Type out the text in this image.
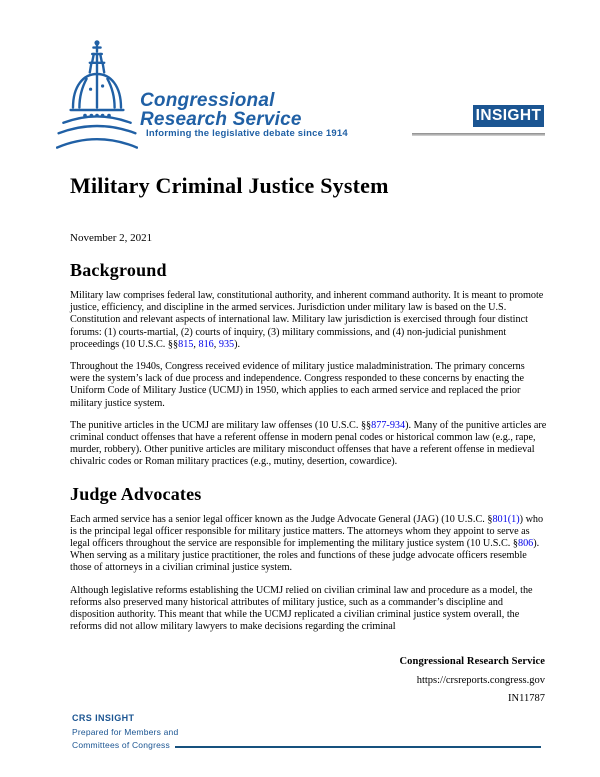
Congressional
Research Service
Informing the legislative debate since 1914
INSIGHT
Military Criminal Justice System
November 2, 2021
Background

Military law comprises federal law, constitutional authority, and inherent command authority. It is meant to promote justice, efficiency, and discipline in the armed services. Jurisdiction under military law is based on the U.S. Constitution and relevant aspects of international law. Military law jurisdiction is exercised through four distinct forums: (1) courts-martial, (2) courts of inquiry, (3) military commissions, and (4) non-judicial punishment proceedings (10 U.S.C. §§815, 816, 935).

Throughout the 1940s, Congress received evidence of military justice maladministration. The primary concerns were the system’s lack of due process and independence. Congress responded to these concerns by enacting the Uniform Code of Military Justice (UCMJ) in 1950, which applies to each armed service and replaced the prior military justice system.

The punitive articles in the UCMJ are military law offenses (10 U.S.C. §§877-934). Many of the punitive articles are criminal conduct offenses that have a referent offense in modern penal codes or historical common law (e.g., rape, murder, robbery). Other punitive articles are military misconduct offenses that have a referent offense in medieval chivalric codes or Roman military practices (e.g., mutiny, desertion, cowardice).

Judge Advocates

Each armed service has a senior legal officer known as the Judge Advocate General (JAG) (10 U.S.C. §801(1)) who is the principal legal officer responsible for military justice matters. The attorneys whom they appoint to serve as legal officers throughout the service are responsible for implementing the military justice system (10 U.S.C. §806). When serving as a military justice practitioner, the roles and functions of these judge advocate officers resemble those of attorneys in a civilian criminal justice system.

Although legislative reforms establishing the UCMJ relied on civilian criminal law and procedure as a model, the reforms also preserved many historical attributes of military justice, such as a commander’s discipline and disposition authority. This meant that while the UCMJ replicated a civilian criminal justice system overall, the reforms did not allow military lawyers to make decisions regarding the criminal

Congressional Research Service
https://crsreports.congress.gov
IN11787
CRS INSIGHT
Prepared for Members and
Committees of Congress
